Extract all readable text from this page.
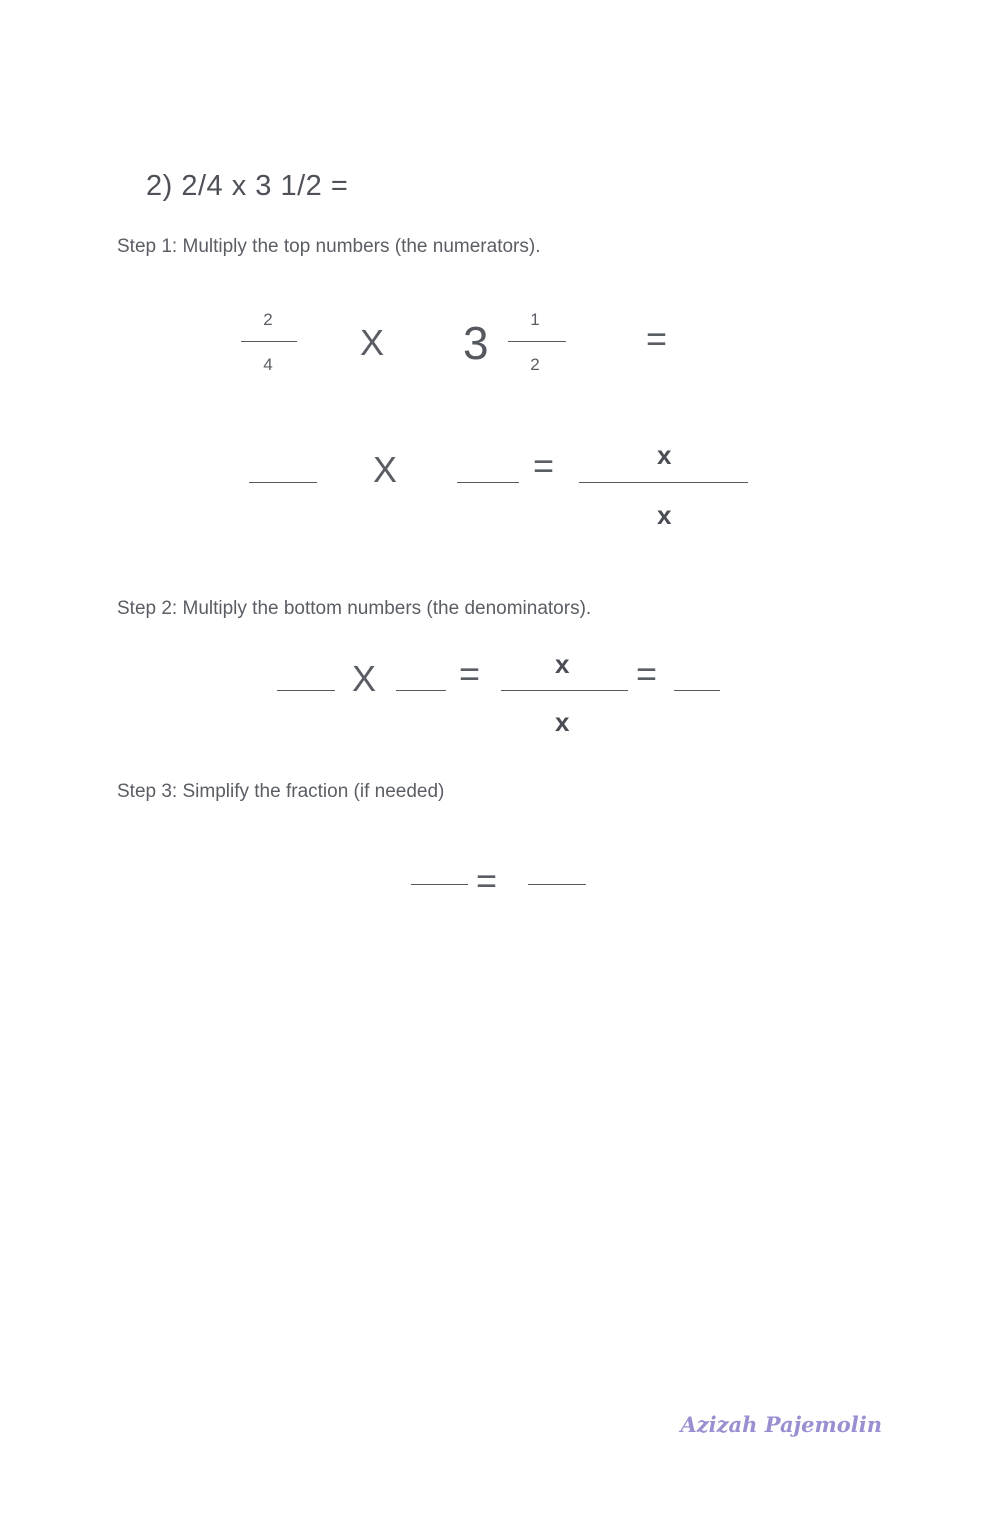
2) 2/4 x 3 1/2 =
Step 1: Multiply the top numbers (the numerators).
2
4
X 3	1
2
=
X	=	x
x
Step 2: Multiply the bottom numbers (the denominators).
X =	x
x
=
Step 3: Simplify the fraction (if needed)
=
Azizah Pajemolin
